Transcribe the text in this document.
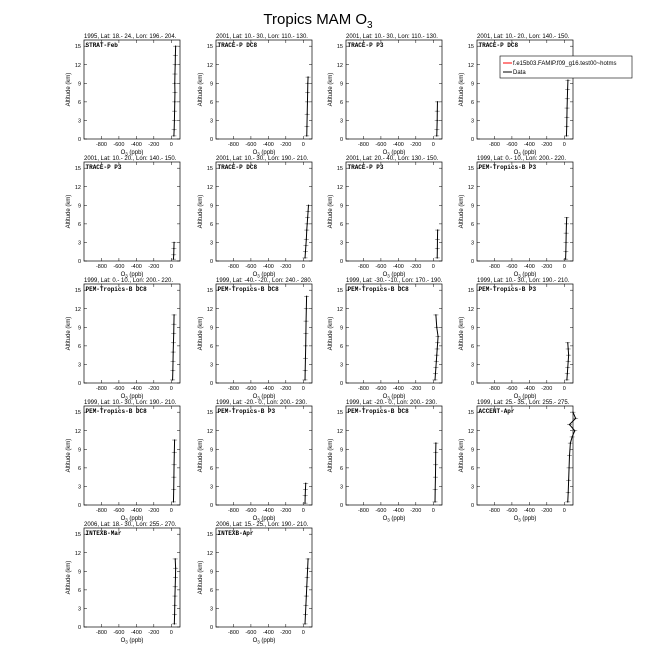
Tropics MAM $O_3$
1995, Lat: 18.- 24., Lon: 196.- 204.
STRAT-Feb
-800 -600 -400 -200 0
0
3
6
9
12
15
$O_3$ (ppb)
Altitude (km)
2001, Lat: 10.- 30., Lon: 110.- 130.
TRACE-P DC8
-800 -600 -400 -200 0
0
3
6
9
12
15
$O_3$ (ppb)
Altitude (km)
2001, Lat: 10.- 30., Lon: 110.- 130.
TRACE-P P3
-800 -600 -400 -200 0
0
3
6
9
12
15
$O_3$ (ppb)
Altitude (km)
2001, Lat: 10.- 20., Lon: 140.- 150.
TRACE-P DC8
-800 -600 -400 -200 0
0
3
6
9
12
15
$O_3$ (ppb)
Altitude (km)
2001, Lat: 10.- 20., Lon: 140.- 150.
TRACE-P P3
-800 -600 -400 -200 0
0
3
6
9
12
15
$O_3$ (ppb)
Altitude (km)
2001, Lat: 10.- 30., Lon: 190.- 210.
TRACE-P DC8
-800 -600 -400 -200 0
0
3
6
9
12
15
$O_3$ (ppb)
Altitude (km)
2001, Lat: 20.- 40., Lon: 130.- 150.
TRACE-P P3
-800 -600 -400 -200 0
0
3
6
9
12
15
$O_3$ (ppb)
Altitude (km)
1999, Lat: 0.- 10., Lon: 200.- 220.
PEM-Tropics-B P3
-800 -600 -400 -200 0
0
3
6
9
12
15
$O_3$ (ppb)
Altitude (km)
1999, Lat: 0.- 10., Lon: 200.- 220.
PEM-Tropics-B DC8
-800 -600 -400 -200 0
0
3
6
9
12
15
$O_3$ (ppb)
Altitude (km)
1999, Lat: -40.- -20., Lon: 240.- 280.
PEM-Tropics-B DC8
-800 -600 -400 -200 0
0
3
6
9
12
15
$O_3$ (ppb)
Altitude (km)
1999, Lat: -30.- -10., Lon: 170.- 190.
PEM-Tropics-B DC8
-800 -600 -400 -200 0
0
3
6
9
12
15
$O_3$ (ppb)
Altitude (km)
1999, Lat: 10.- 30., Lon: 190.- 210.
PEM-Tropics-B P3
-800 -600 -400 -200 0
0
3
6
9
12
15
$O_3$ (ppb)
Altitude (km)
1999, Lat: 10.- 30., Lon: 190.- 210.
PEM-Tropics-B DC8
-800 -600 -400 -200 0
0
3
6
9
12
15
$O_3$ (ppb)
Altitude (km)
1999, Lat: -20.- 0., Lon: 200.- 230.
PEM-Tropics-B P3
-800 -600 -400 -200 0
0
3
6
9
12
15
$O_3$ (ppb)
Altitude (km)
1999, Lat: -20.- 0., Lon: 200.- 230.
PEM-Tropics-B DC8
-800 -600 -400 -200 0
0
3
6
9
12
15
$O_3$ (ppb)
Altitude (km)
1999, Lat: 25.- 35., Lon: 255.- 275.
ACCENT-Apr
-800 -600 -400 -200 0
0
3
6
9
12
15
$O_3$ (ppb)
Altitude (km)
2006, Lat: 18.- 30., Lon: 255.- 270.
INTEXB-Mar
-800 -600 -400 -200 0
0
3
6
9
12
15
$O_3$ (ppb)
Altitude (km)
2006, Lat: 15.- 25., Lon: 190.- 210.
INTEXB-Apr
-800 -600 -400 -200 0
0
3
6
9
12
15
$O_3$ (ppb)
Altitude (km)
f.e15b03.FAMIP.f09_g16.test00~hotms
Data
